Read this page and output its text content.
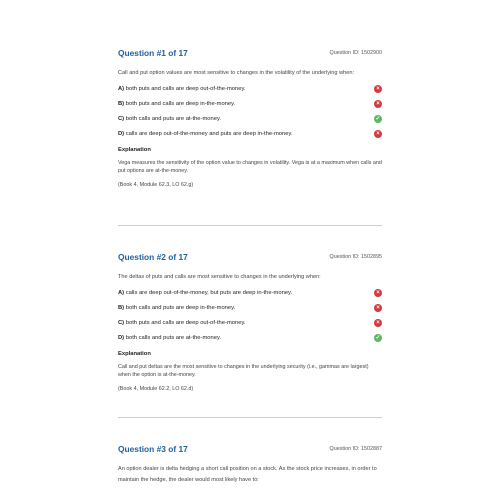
Question #1 of 17	Question ID: 1502900
Call and put option values are most sensitive to changes in the volatility of the underlying when:
A) both puts and calls are deep out-of-the-money.	×
B) both puts and calls are deep in-the-money.	×
C) both calls and puts are at-the-money.	✓
D) calls are deep out-of-the-money and puts are deep in-the-money.	×
Explanation
Vega measures the sensitivity of the option value to changes in volatility. Vega is at a maximum when calls and put options are at-the-money.
(Book 4, Module 62.3, LO 62.g)
Question #2 of 17	Question ID: 1502895
The deltas of puts and calls are most sensitive to changes in the underlying when:
A) calls are deep out-of-the-money, but puts are deep in-the-money.	×
B) both calls and puts are deep in-the-money.	×
C) both puts and calls are deep out-of-the-money.	×
D) both calls and puts are at-the-money.	✓
Explanation
Call and put deltas are the most sensitive to changes in the underlying security (i.e., gammas are largest) when the option is at-the-money.
(Book 4, Module 62.2, LO 62.d)
Question #3 of 17	Question ID: 1502887
An option dealer is delta hedging a short call position on a stock. As the stock price increases, in order to maintain the hedge, the dealer would most likely have to:
